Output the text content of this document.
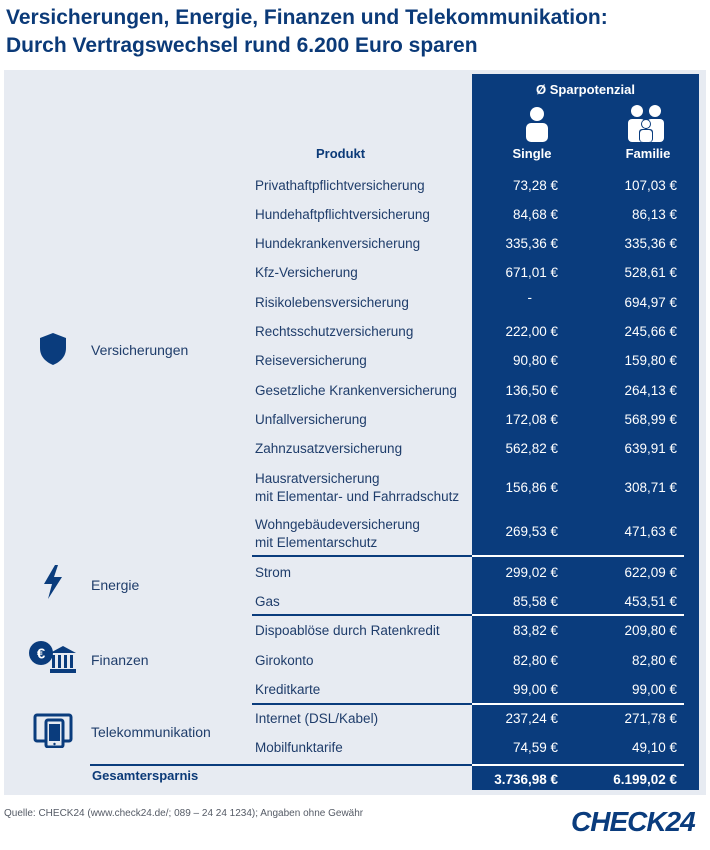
Versicherungen, Energie, Finanzen und Telekommunikation:
Durch Vertragswechsel rund 6.200 Euro sparen
Ø Sparpotenzial
Produkt	Single	Familie
Privathaftpflichtversicherung	73,28 €	107,03 €
Hundehaftpflichtversicherung	84,68 €	86,13 €
Hundekrankenversicherung	335,36 €	335,36 €
Kfz-Versicherung	671,01 €	528,61 €
Risikolebensversicherung	-	694,97 €
Rechtsschutzversicherung	222,00 €	245,66 €
Reiseversicherung	90,80 €	159,80 €
Gesetzliche Krankenversicherung	136,50 €	264,13 €
Unfallversicherung	172,08 €	568,99 €
Zahnzusatzversicherung	562,82 €	639,91 €
Hausratversicherung
mit Elementar- und Fahrradschutz
156,86 €	308,71 €
Wohngebäudeversicherung
mit Elementarschutz
269,53 €	471,63 €
Strom	299,02 €	622,09 €
Gas	85,58 €	453,51 €
Dispoablöse durch Ratenkredit	83,82 €	209,80 €
Girokonto	82,80 €	82,80 €
Kreditkarte	99,00 €	99,00 €
Internet (DSL/Kabel)	237,24 €	271,78 €
Mobilfunktarife	74,59 €	49,10 €
Gesamtersparnis	3.736,98 €	6.199,02 €
Versicherungen
Energie
€	Finanzen
Telekommunikation
Quelle: CHECK24 (www.check24.de/; 089 – 24 24 1234); Angaben ohne Gewähr	CHECK24
